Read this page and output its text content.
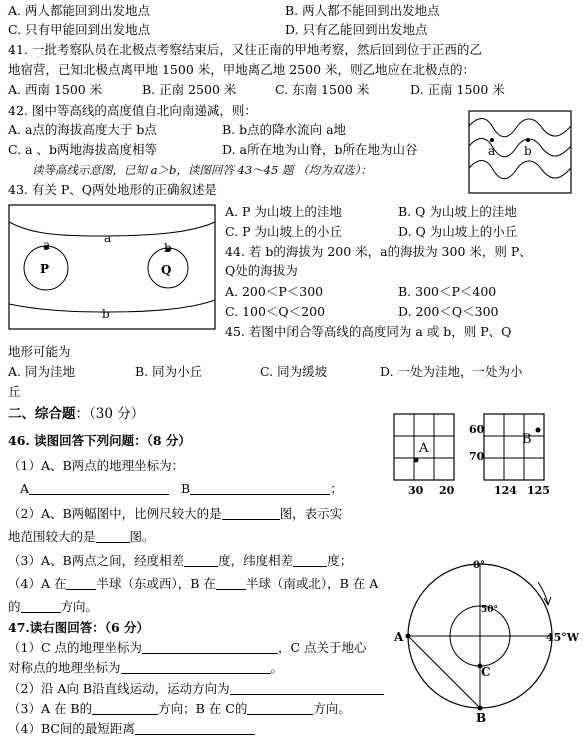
A. 两人都能回到出发地点	B. 两人都不能回到出发地点
C. 只有甲能回到出发地点	D. 只有乙能回到出发地点
41. 一批考察队员在北极点考察结束后，又往正南的甲地考察，然后回到位于正西的乙
地宿营，已知北极点离甲地 1500 米，甲地离乙地 2500 米，则乙地应在北极点的：
A. 西南 1500 米	B. 正南 2500 米	C. 东南 1500 米	D. 正南 1500 米
42. 图中等高线的高度值自北向南递减，则：
A. a点的海拔高度大于 b点	B. b点的降水流向 a地
C. a 、b两地海拔高度相等	D. a所在地为山脊，b所在地为山谷
读等高线示意图，已知 a＞b，读图回答 43～45 题 （均为双选）：
a b
43. 有关 P、Q两处地形的正确叙述是
a	b
a
b
P	Q
A. P 为山坡上的洼地	B. Q 为山坡上的洼地
C. P 为山坡上的小丘	D. Q 为山坡上的小丘
44. 若 b的海拔为 200 米，a的海拔为 300 米，则 P、
Q处的海拔为
A. 200＜P＜300	B. 300＜P＜400
C. 100＜Q＜200	D. 200＜Q＜300
45. 若图中闭合等高线的高度同为 a 或 b，则 P、Q
地形可能为
A. 同为洼地	B. 同为小丘	C. 同为缓坡	D. 一处为洼地，一处为小
丘
二、综合题：（30 分）
46. 读图回答下列问题：（8 分）
（1）A、B两点的地理坐标为：
A	B	；
（2）A、B两幅图中，比例尺较大的是	图，表示实
地范围较大的是	图。
（3）A、B两点之间，经度相差	度，纬度相差	度；
（4）A 在 半球（东或西），B 在 半球（南或北），B 在 A
的	方向。
A
30 20
70
B
60
124 125
47.读右图回答：（6 分）
（1）C 点的地理坐标为	，C 点关于地心
对称点的地理坐标为	。
（2）沿 A向 B沿直线运动，运动方向为
（3）A 在 B的	方向；B 在 C的	方向。
（4）BC间的最短距离
0°
50°
A
C
B
45°W
